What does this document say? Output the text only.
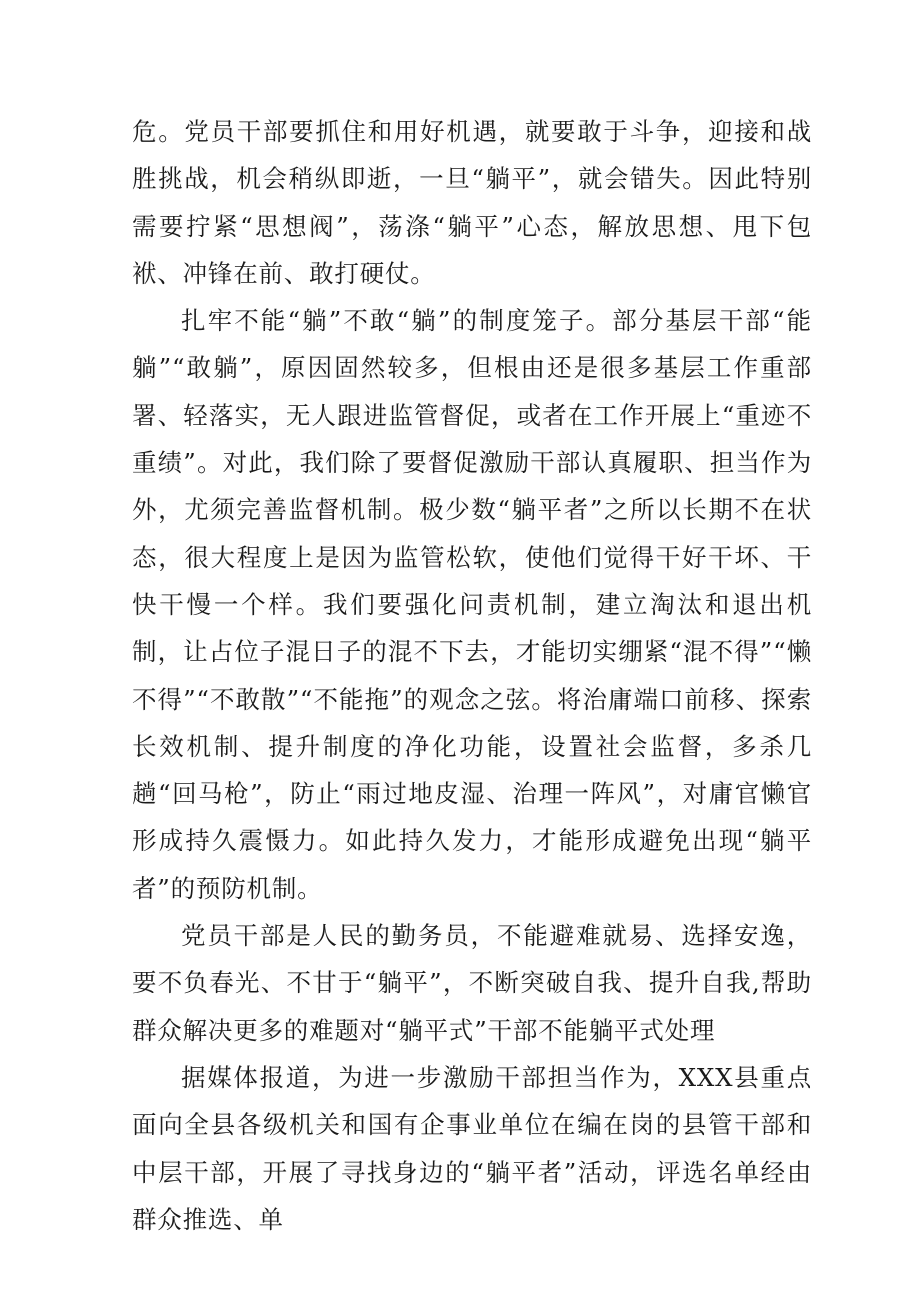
危。党员干部要抓住和用好机遇，就要敢于斗争，迎接和战胜挑战，机会稍纵即逝，一旦“躺平”，就会错失。因此特别需要拧紧“思想阀”，荡涤“躺平”心态，解放思想、甩下包袱、冲锋在前、敢打硬仗。

扎牢不能“躺”不敢“躺”的制度笼子。部分基层干部“能躺”“敢躺”，原因固然较多，但根由还是很多基层工作重部署、轻落实，无人跟进监管督促，或者在工作开展上“重迹不重绩”。对此，我们除了要督促激励干部认真履职、担当作为外，尤须完善监督机制。极少数“躺平者”之所以长期不在状态，很大程度上是因为监管松软，使他们觉得干好干坏、干快干慢一个样。我们要强化问责机制，建立淘汰和退出机制，让占位子混日子的混不下去，才能切实绷紧“混不得”“懒不得”“不敢散”“不能拖”的观念之弦。将治庸端口前移、探索长效机制、提升制度的净化功能，设置社会监督，多杀几趟“回马枪”，防止“雨过地皮湿、治理一阵风”，对庸官懒官形成持久震慑力。如此持久发力，才能形成避免出现“躺平者”的预防机制。

党员干部是人民的勤务员，不能避难就易、选择安逸，要不负春光、不甘于“躺平”，不断突破自我、提升自我,帮助群众解决更多的难题对“躺平式”干部不能躺平式处理

据媒体报道，为进一步激励干部担当作为，XXX县重点面向全县各级机关和国有企事业单位在编在岗的县管干部和中层干部，开展了寻找身边的“躺平者”活动，评选名单经由群众推选、单
